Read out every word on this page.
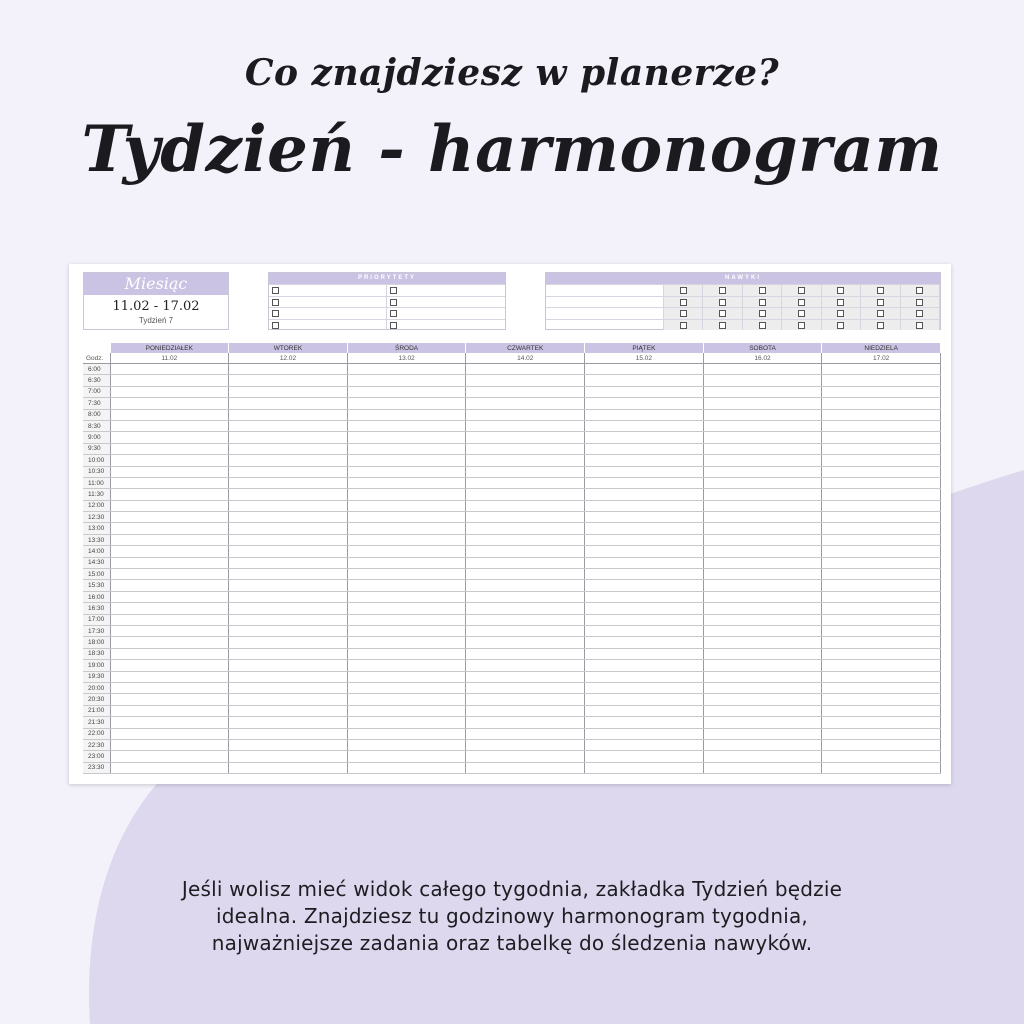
Co znajdziesz w planerze?
Tydzień - harmonogram
Miesiąc
11.02 - 17.02
Tydzień 7
PRIORYTETY	NAWYKI
	PONIEDZIAŁEK	WTOREK	ŚRODA	CZWARTEK	PIĄTEK	SOBOTA	NIEDZIELA
Godz.	11.02	12.02	13.02	14.02	15.02	16.02	17.02
6:00							
6:30							
7:00							
7:30							
8:00							
8:30							
9:00							
9:30							
10:00							
10:30							
11:00							
11:30							
12:00							
12:30							
13:00							
13:30							
14:00							
14:30							
15:00							
15:30							
16:00							
16:30							
17:00							
17:30							
18:00							
18:30							
19:00							
19:30							
20:00							
20:30							
21:00							
21:30							
22:00							
22:30							
23:00							
23:30							
Jeśli wolisz mieć widok całego tygodnia, zakładka Tydzień będzie
idealna. Znajdziesz tu godzinowy harmonogram tygodnia,
najważniejsze zadania oraz tabelkę do śledzenia nawyków.
